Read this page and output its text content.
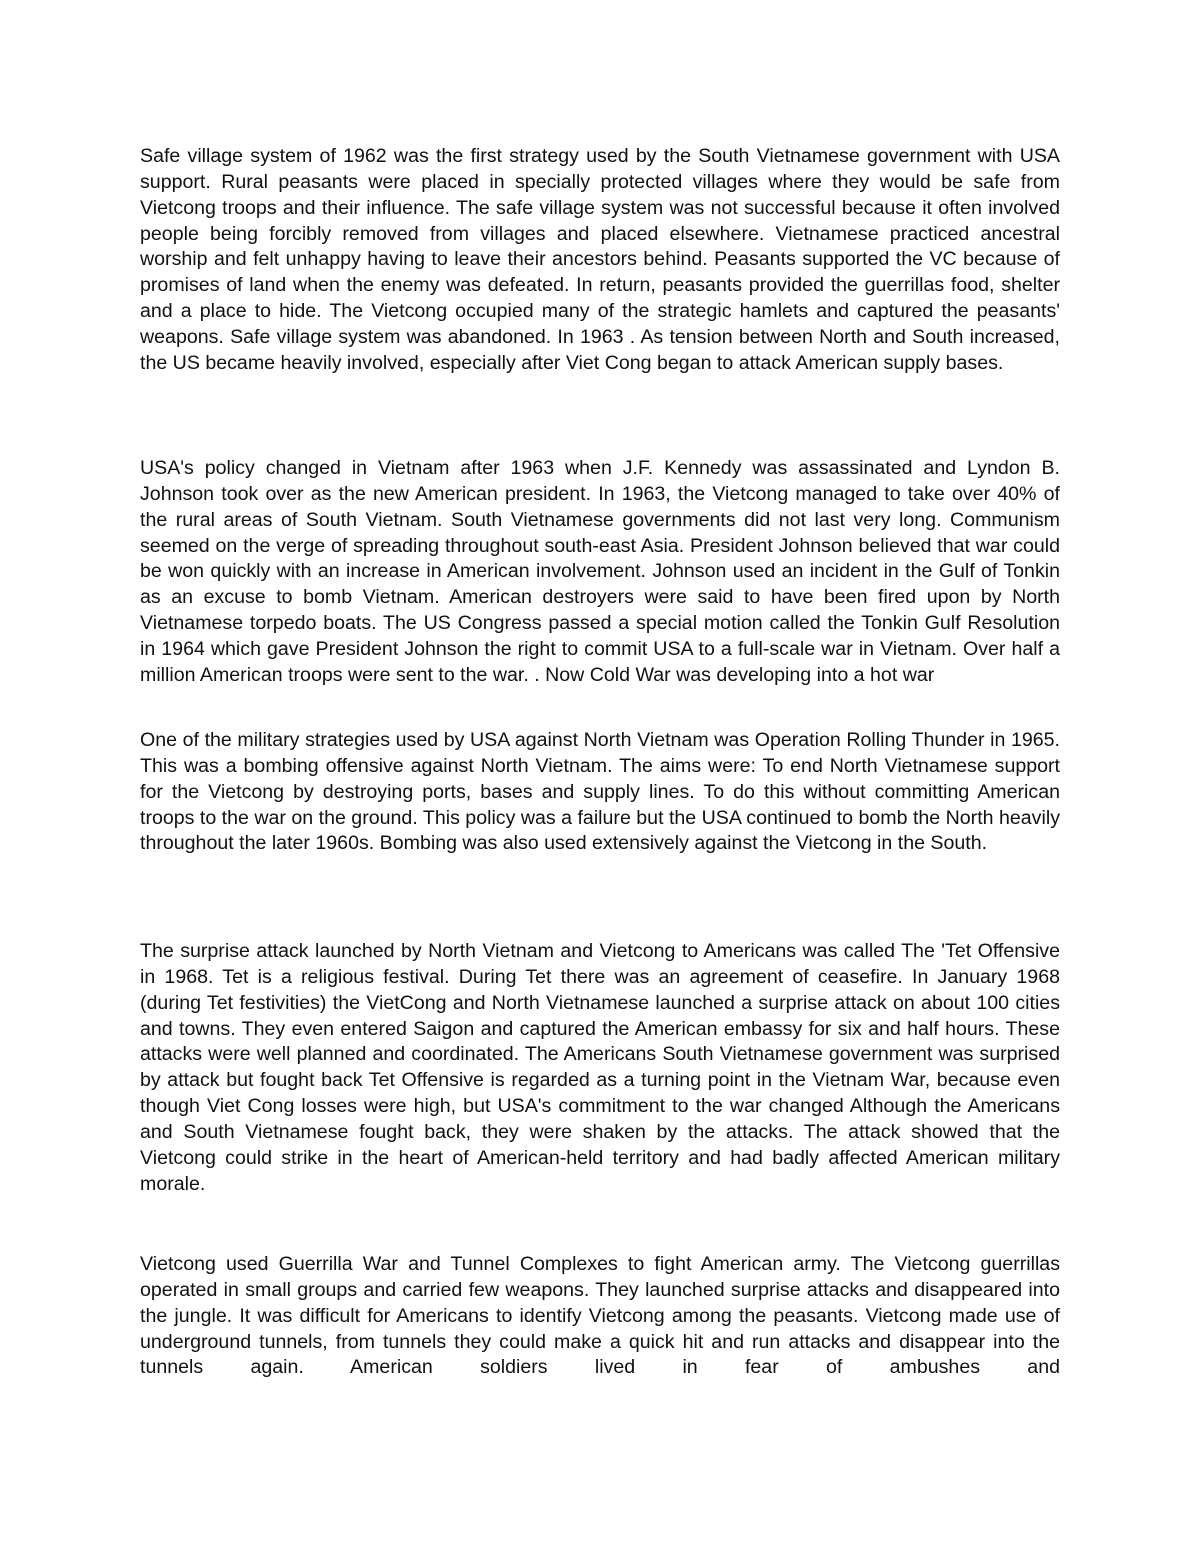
Safe village system of 1962 was the first strategy used by the South Vietnamese government with USA support. Rural peasants were placed in specially protected villages where they would be safe from Vietcong troops and their influence. The safe village system was not successful because it often involved people being forcibly removed from villages and placed elsewhere. Vietnamese practiced ancestral worship and felt unhappy having to leave their ancestors behind. Peasants supported the VC because of promises of land when the enemy was defeated. In return, peasants provided the guerrillas food, shelter and a place to hide. The Vietcong occupied many of the strategic hamlets and captured the peasants' weapons. Safe village system was abandoned. In 1963 . As tension between North and South increased, the US became heavily involved, especially after Viet Cong began to attack American supply bases.

USA's policy changed in Vietnam after 1963 when J.F. Kennedy was assassinated and Lyndon B. Johnson took over as the new American president. In 1963, the Vietcong managed to take over 40% of the rural areas of South Vietnam. South Vietnamese governments did not last very long. Communism seemed on the verge of spreading throughout south-east Asia. President Johnson believed that war could be won quickly with an increase in American involvement. Johnson used an incident in the Gulf of Tonkin as an excuse to bomb Vietnam. American destroyers were said to have been fired upon by North Vietnamese torpedo boats. The US Congress passed a special motion called the Tonkin Gulf Resolution in 1964 which gave President Johnson the right to commit USA to a full-scale war in Vietnam. Over half a million American troops were sent to the war. . Now Cold War was developing into a hot war

One of the military strategies used by USA against North Vietnam was Operation Rolling Thunder in 1965. This was a bombing offensive against North Vietnam. The aims were: To end North Vietnamese support for the Vietcong by destroying ports, bases and supply lines. To do this without committing American troops to the war on the ground. This policy was a failure but the USA continued to bomb the North heavily throughout the later 1960s. Bombing was also used extensively against the Vietcong in the South.

The surprise attack launched by North Vietnam and Vietcong to Americans was called The 'Tet Offensive in 1968. Tet is a religious festival. During Tet there was an agreement of ceasefire. In January 1968 (during Tet festivities) the VietCong and North Vietnamese launched a surprise attack on about 100 cities and towns. They even entered Saigon and captured the American embassy for six and half hours. These attacks were well planned and coordinated. The Americans South Vietnamese government was surprised by attack but fought back Tet Offensive is regarded as a turning point in the Vietnam War, because even though Viet Cong losses were high, but USA's commitment to the war changed Although the Americans and South Vietnamese fought back, they were shaken by the attacks. The attack showed that the Vietcong could strike in the heart of American-held territory and had badly affected American military morale.

Vietcong used Guerrilla War and Tunnel Complexes to fight American army. The Vietcong guerrillas operated in small groups and carried few weapons. They launched surprise attacks and disappeared into the jungle. It was difficult for Americans to identify Vietcong among the peasants. Vietcong made use of underground tunnels, from tunnels they could make a quick hit and run attacks and disappear into the tunnels again. American soldiers lived in fear of ambushes and
